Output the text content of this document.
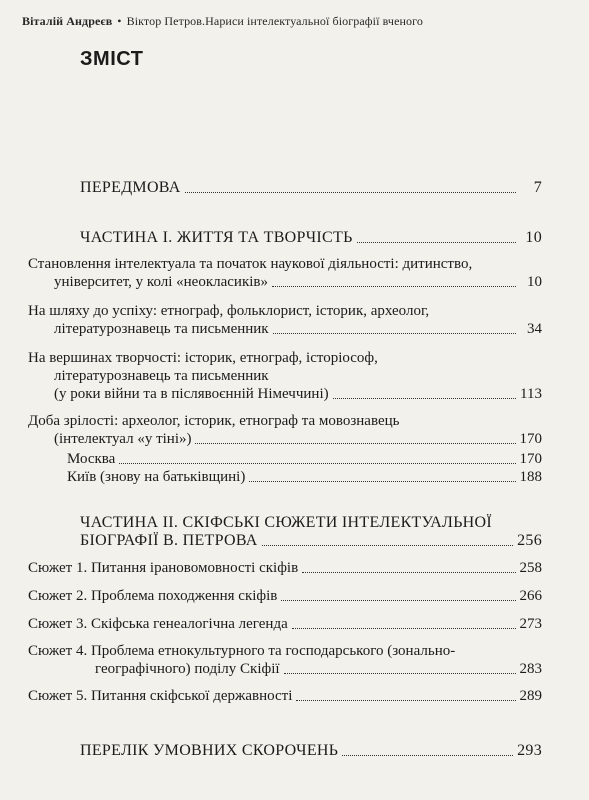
Віталій Андреєв • Віктор Петров.Нариси інтелектуальної біографії вченого
ЗМІСТ
ПЕРЕДМОВА	7
ЧАСТИНА І. ЖИТТЯ ТА ТВОРЧІСТЬ	10
Становлення інтелектуала та початок наукової діяльності: дитинство,
університет, у колі «неокласиків»	10
На шляху до успіху: етнограф, фольклорист, історик, археолог,
літературознавець та письменник	34
На вершинах творчості: історик, етнограф, історіософ,
літературознавець та письменник
(у роки війни та в післявоєнній Німеччині)	113
Доба зрілості: археолог, історик, етнограф та мовознавець
(інтелектуал «у тіні»)	170
Москва	170
Київ (знову на батьківщині)	188
ЧАСТИНА ІІ. СКІФСЬКІ СЮЖЕТИ ІНТЕЛЕКТУАЛЬНОЇ
БІОГРАФІЇ В. ПЕТРОВА	256
Сюжет 1. Питання ірановомовності скіфів	258
Сюжет 2. Проблема походження скіфів	266
Сюжет 3. Скіфська генеалогічна легенда	273
Сюжет 4. Проблема етнокультурного та господарського (зонально-
географічного) поділу Скіфії	283
Сюжет 5. Питання скіфської державності	289
ПЕРЕЛІК УМОВНИХ СКОРОЧЕНЬ	293
